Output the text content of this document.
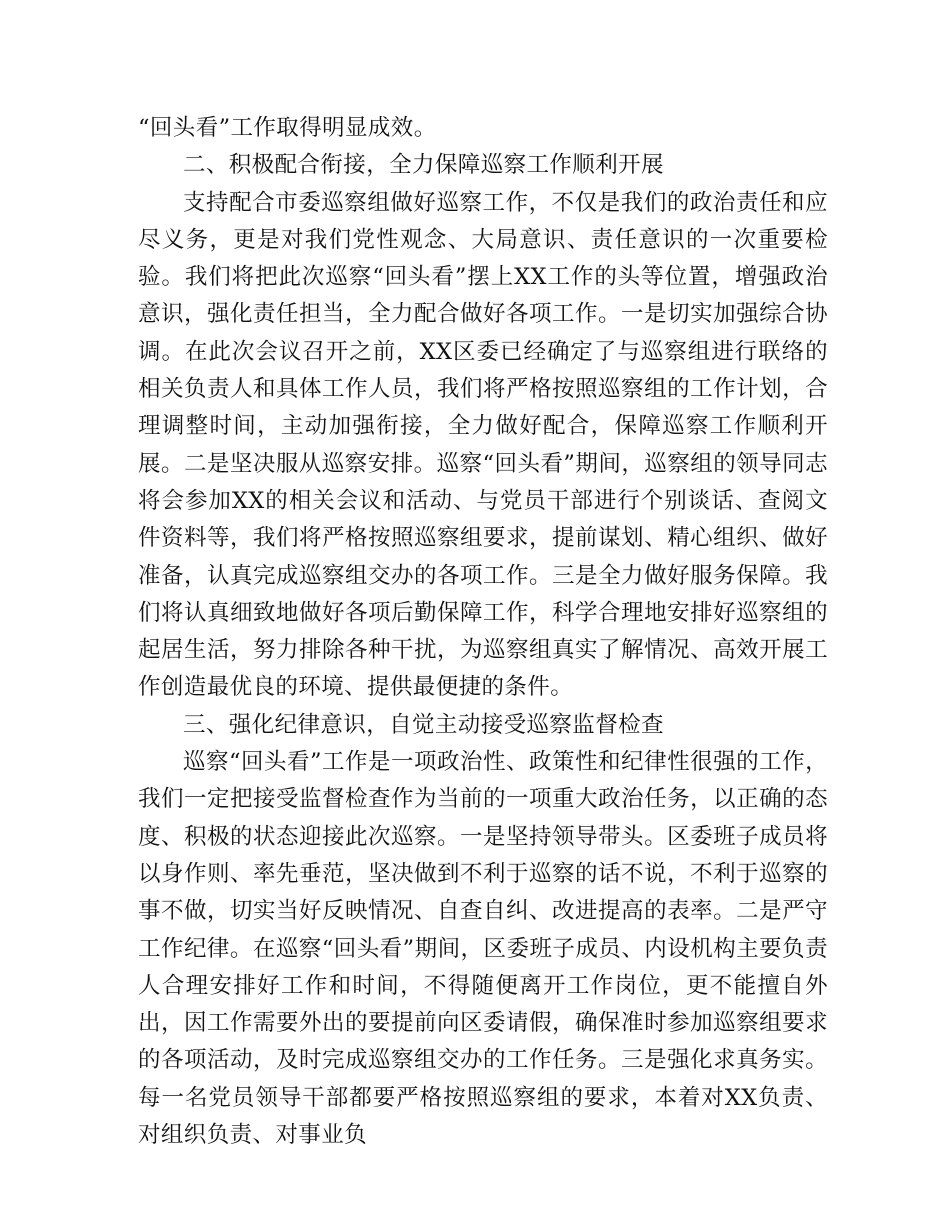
“回头看”工作取得明显成效。

二、积极配合衔接，全力保障巡察工作顺利开展

支持配合市委巡察组做好巡察工作，不仅是我们的政治责任和应尽义务，更是对我们党性观念、大局意识、责任意识的一次重要检验。我们将把此次巡察“回头看”摆上XX工作的头等位置，增强政治意识，强化责任担当，全力配合做好各项工作。一是切实加强综合协调。在此次会议召开之前，XX区委已经确定了与巡察组进行联络的相关负责人和具体工作人员，我们将严格按照巡察组的工作计划，合理调整时间，主动加强衔接，全力做好配合，保障巡察工作顺利开展。二是坚决服从巡察安排。巡察“回头看”期间，巡察组的领导同志将会参加XX的相关会议和活动、与党员干部进行个别谈话、查阅文件资料等，我们将严格按照巡察组要求，提前谋划、精心组织、做好准备，认真完成巡察组交办的各项工作。三是全力做好服务保障。我们将认真细致地做好各项后勤保障工作，科学合理地安排好巡察组的起居生活，努力排除各种干扰，为巡察组真实了解情况、高效开展工作创造最优良的环境、提供最便捷的条件。

三、强化纪律意识，自觉主动接受巡察监督检查

巡察“回头看”工作是一项政治性、政策性和纪律性很强的工作，我们一定把接受监督检查作为当前的一项重大政治任务，以正确的态度、积极的状态迎接此次巡察。一是坚持领导带头。区委班子成员将以身作则、率先垂范，坚决做到不利于巡察的话不说，不利于巡察的事不做，切实当好反映情况、自查自纠、改进提高的表率。二是严守工作纪律。在巡察“回头看”期间，区委班子成员、内设机构主要负责人合理安排好工作和时间，不得随便离开工作岗位，更不能擅自外出，因工作需要外出的要提前向区委请假，确保准时参加巡察组要求的各项活动，及时完成巡察组交办的工作任务。三是强化求真务实。每一名党员领导干部都要严格按照巡察组的要求，本着对XX负责、对组织负责、对事业负
